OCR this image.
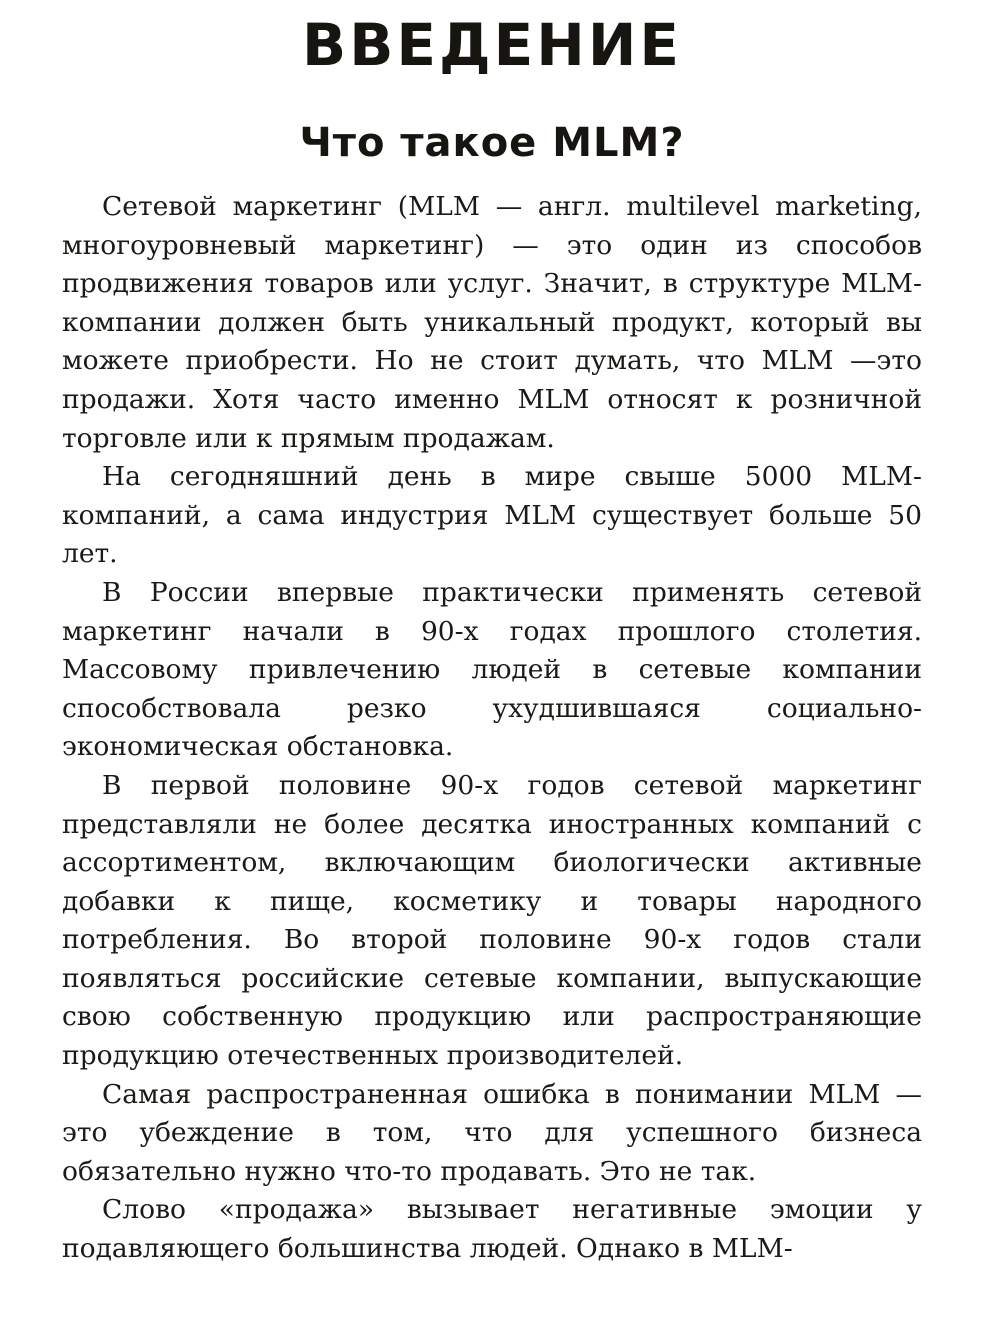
ВВЕДЕНИЕ
Что такое MLM?

Сетевой маркетинг (MLM — англ. multilevel marketing, многоуровневый маркетинг) — это один из способов продвижения товаров или услуг. Значит, в структуре MLM-компании должен быть уникальный продукт, который вы можете приобрести. Но не стоит думать, что MLM —это продажи. Хотя часто именно MLM относят к розничной торговле или к прямым продажам.

На сегодняшний день в мире свыше 5000 MLM-компаний, а сама индустрия MLM существует больше 50 лет.

В России впервые практически применять сетевой маркетинг начали в 90-х годах прошлого столетия. Массовому привлечению людей в сетевые компании способствовала резко ухудшившаяся социально-экономическая обстановка.

В первой половине 90-х годов сетевой маркетинг представляли не более десятка иностранных компаний с ассортиментом, включающим биологически активные добавки к пище, косметику и товары народного потребления. Во второй половине 90-х годов стали появляться российские сетевые компании, выпускающие свою собственную продукцию или распространяющие продукцию отечественных производителей.

Самая распространенная ошибка в понимании MLM — это убеждение в том, что для успешного бизнеса обязательно нужно что-то продавать. Это не так.

Слово «продажа» вызывает негативные эмоции у подавляющего большинства людей. Однако в MLM-
